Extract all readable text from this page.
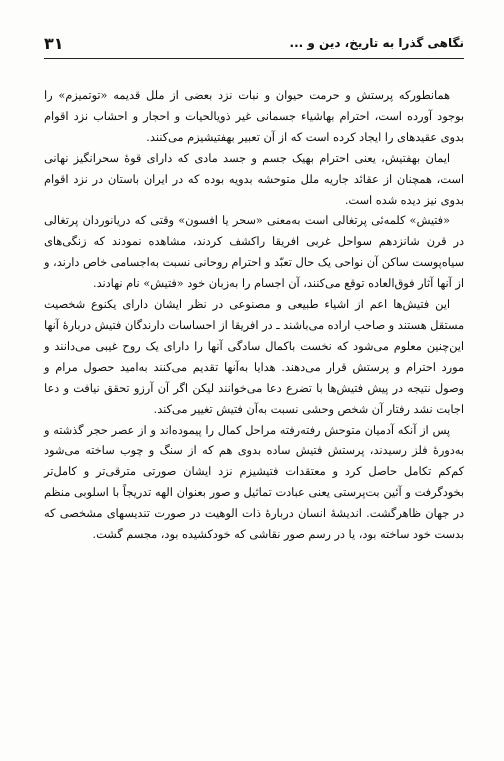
نگاهی گذرا به تاریخ، دین و ...
۳۱

همانطورکه پرستش و حرمت حیوان و نبات نزد بعضی از ملل قدیمه «توتمیزم» را بوجود آورده است، احترام بهاشیاء جسمانی غیر ذویالحیات و احجار و احشاب نزد اقوام بدوی عقیدهای را ایجاد کرده است که از آن تعبیر بهفتیشیزم می‌کنند.

ایمان بهفتیش، یعنی احترام بهیک جسم و جسد مادی که دارای قوهٔ سحرانگیز نهانی است، همچنان از عقائد جاریه ملل متوحشه بدویه بوده که در ایران باستان در نزد اقوام بدوی نیز دیده شده است.

«فتیش» کلمه‌ئی پرتغالی است به‌معنی «سحر یا افسون» وقتی که دریانوردان پرتغالی در قرن شانزدهم سواحل غربی افریقا راکشف کردند، مشاهده نمودند که زنگی‌های سیاه‌پوست ساکن آن نواحی یک حال تعبّد و احترام روحانی نسبت به‌اجسامی خاص دارند، و از آنها آثار فوق‌العاده توقع می‌کنند، آن اجسام را به‌زبان خود «فتیش» نام نهادند.

این فتیش‌ها اعم از اشیاء طبیعی و مصنوعی در نظر ایشان دارای یکنوع شخصیت مستقل هستند و صاحب اراده می‌باشند ـ در افریقا از احساسات دارندگان فتیش دربارهٔ آنها این‌چنین معلوم می‌شود که نخست باکمال سادگی آنها را دارای یک روح غیبی می‌دانند و مورد احترام و پرستش قرار می‌دهند. هدایا به‌آنها تقدیم می‌کنند به‌امید حصول مرام و وصول نتیجه در پیش فتیش‌ها با تضرع دعا می‌خوانند لیکن اگر آن آرزو تحقق نیافت و دعا اجابت نشد رفتار آن شخص وحشی نسبت به‌آن فتیش تغییر می‌کند.

پس از آنکه آدمیان متوحش رفته‌رفته مراحل کمال را پیموده‌اند و از عصر حجر گذشته و به‌دورهٔ فلز رسیدند، پرستش فتیش ساده بدوی هم که از سنگ و چوب ساخته می‌شود کم‌کم تکامل حاصل کرد و معتقدات فتیشیزم نزد ایشان صورتی مترقی‌تر و کامل‌تر بخودگرفت و آئین بت‌پرستی یعنی عبادت تماثیل و صور بعنوان الهه تدریجاً با اسلوبی منظم در جهان ظاهرگشت. اندیشهٔ انسان دربارهٔ ذات الوهیت در صورت تندیسهای مشخصی که بدست خود ساخته بود، یا در رسم صور نقاشی که خودکشیده بود، مجسم گشت.
